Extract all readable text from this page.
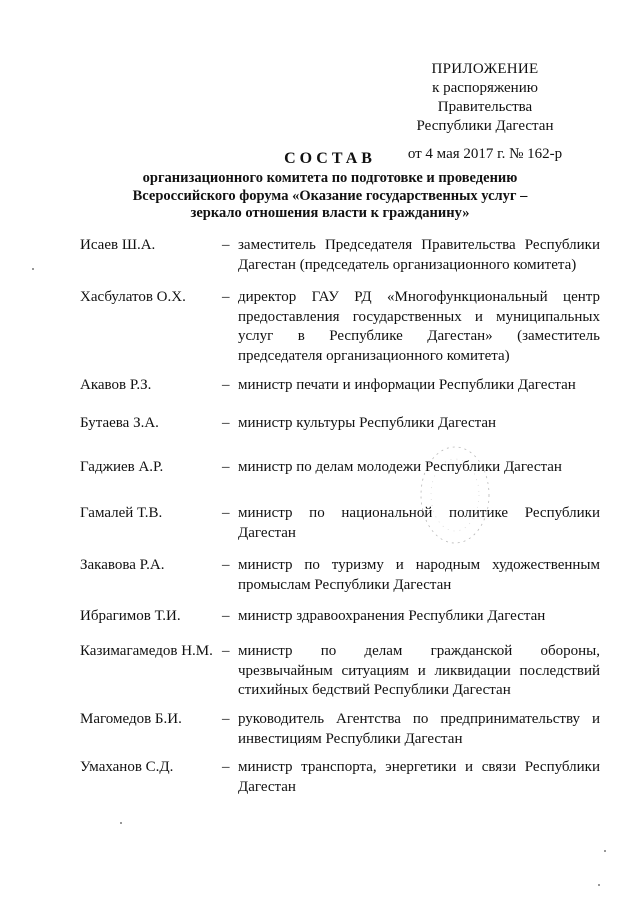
ПРИЛОЖЕНИЕ
к распоряжению Правительства
Республики Дагестан
от 4 мая 2017 г. № 162-р
СОСТАВ
организационного комитета по подготовке и проведению
Всероссийского форума «Оказание государственных услуг –
зеркало отношения власти к гражданину»
Исаев Ш.А.	– заместитель Председателя Правительства Республики Дагестан (председатель организационного комитета)
Хасбулатов О.Х. – директор ГАУ РД «Многофункциональный центр предоставления государственных и муниципальных услуг в Республике Дагестан» (заместитель председателя организационного комитета)
Акавов Р.З.	– министр печати и информации Республики Дагестан
Бутаева З.А.	– министр культуры Республики Дагестан
Гаджиев А.Р.	– министр по делам молодежи Республики Дагестан
Гамалей Т.В.	– министр по национальной политике Республики Дагестан
Закавова Р.А.	– министр по туризму и народным художественным промыслам Республики Дагестан
Ибрагимов Т.И.	– министр здравоохранения Республики Дагестан
Казимагамедов Н.М. – министр по делам гражданской обороны, чрезвычайным ситуациям и ликвидации последствий стихийных бедствий Республики Дагестан
Магомедов Б.И.	– руководитель Агентства по предпринимательству и инвестициям Республики Дагестан
Умаханов С.Д.	– министр транспорта, энергетики и связи Республики Дагестан
